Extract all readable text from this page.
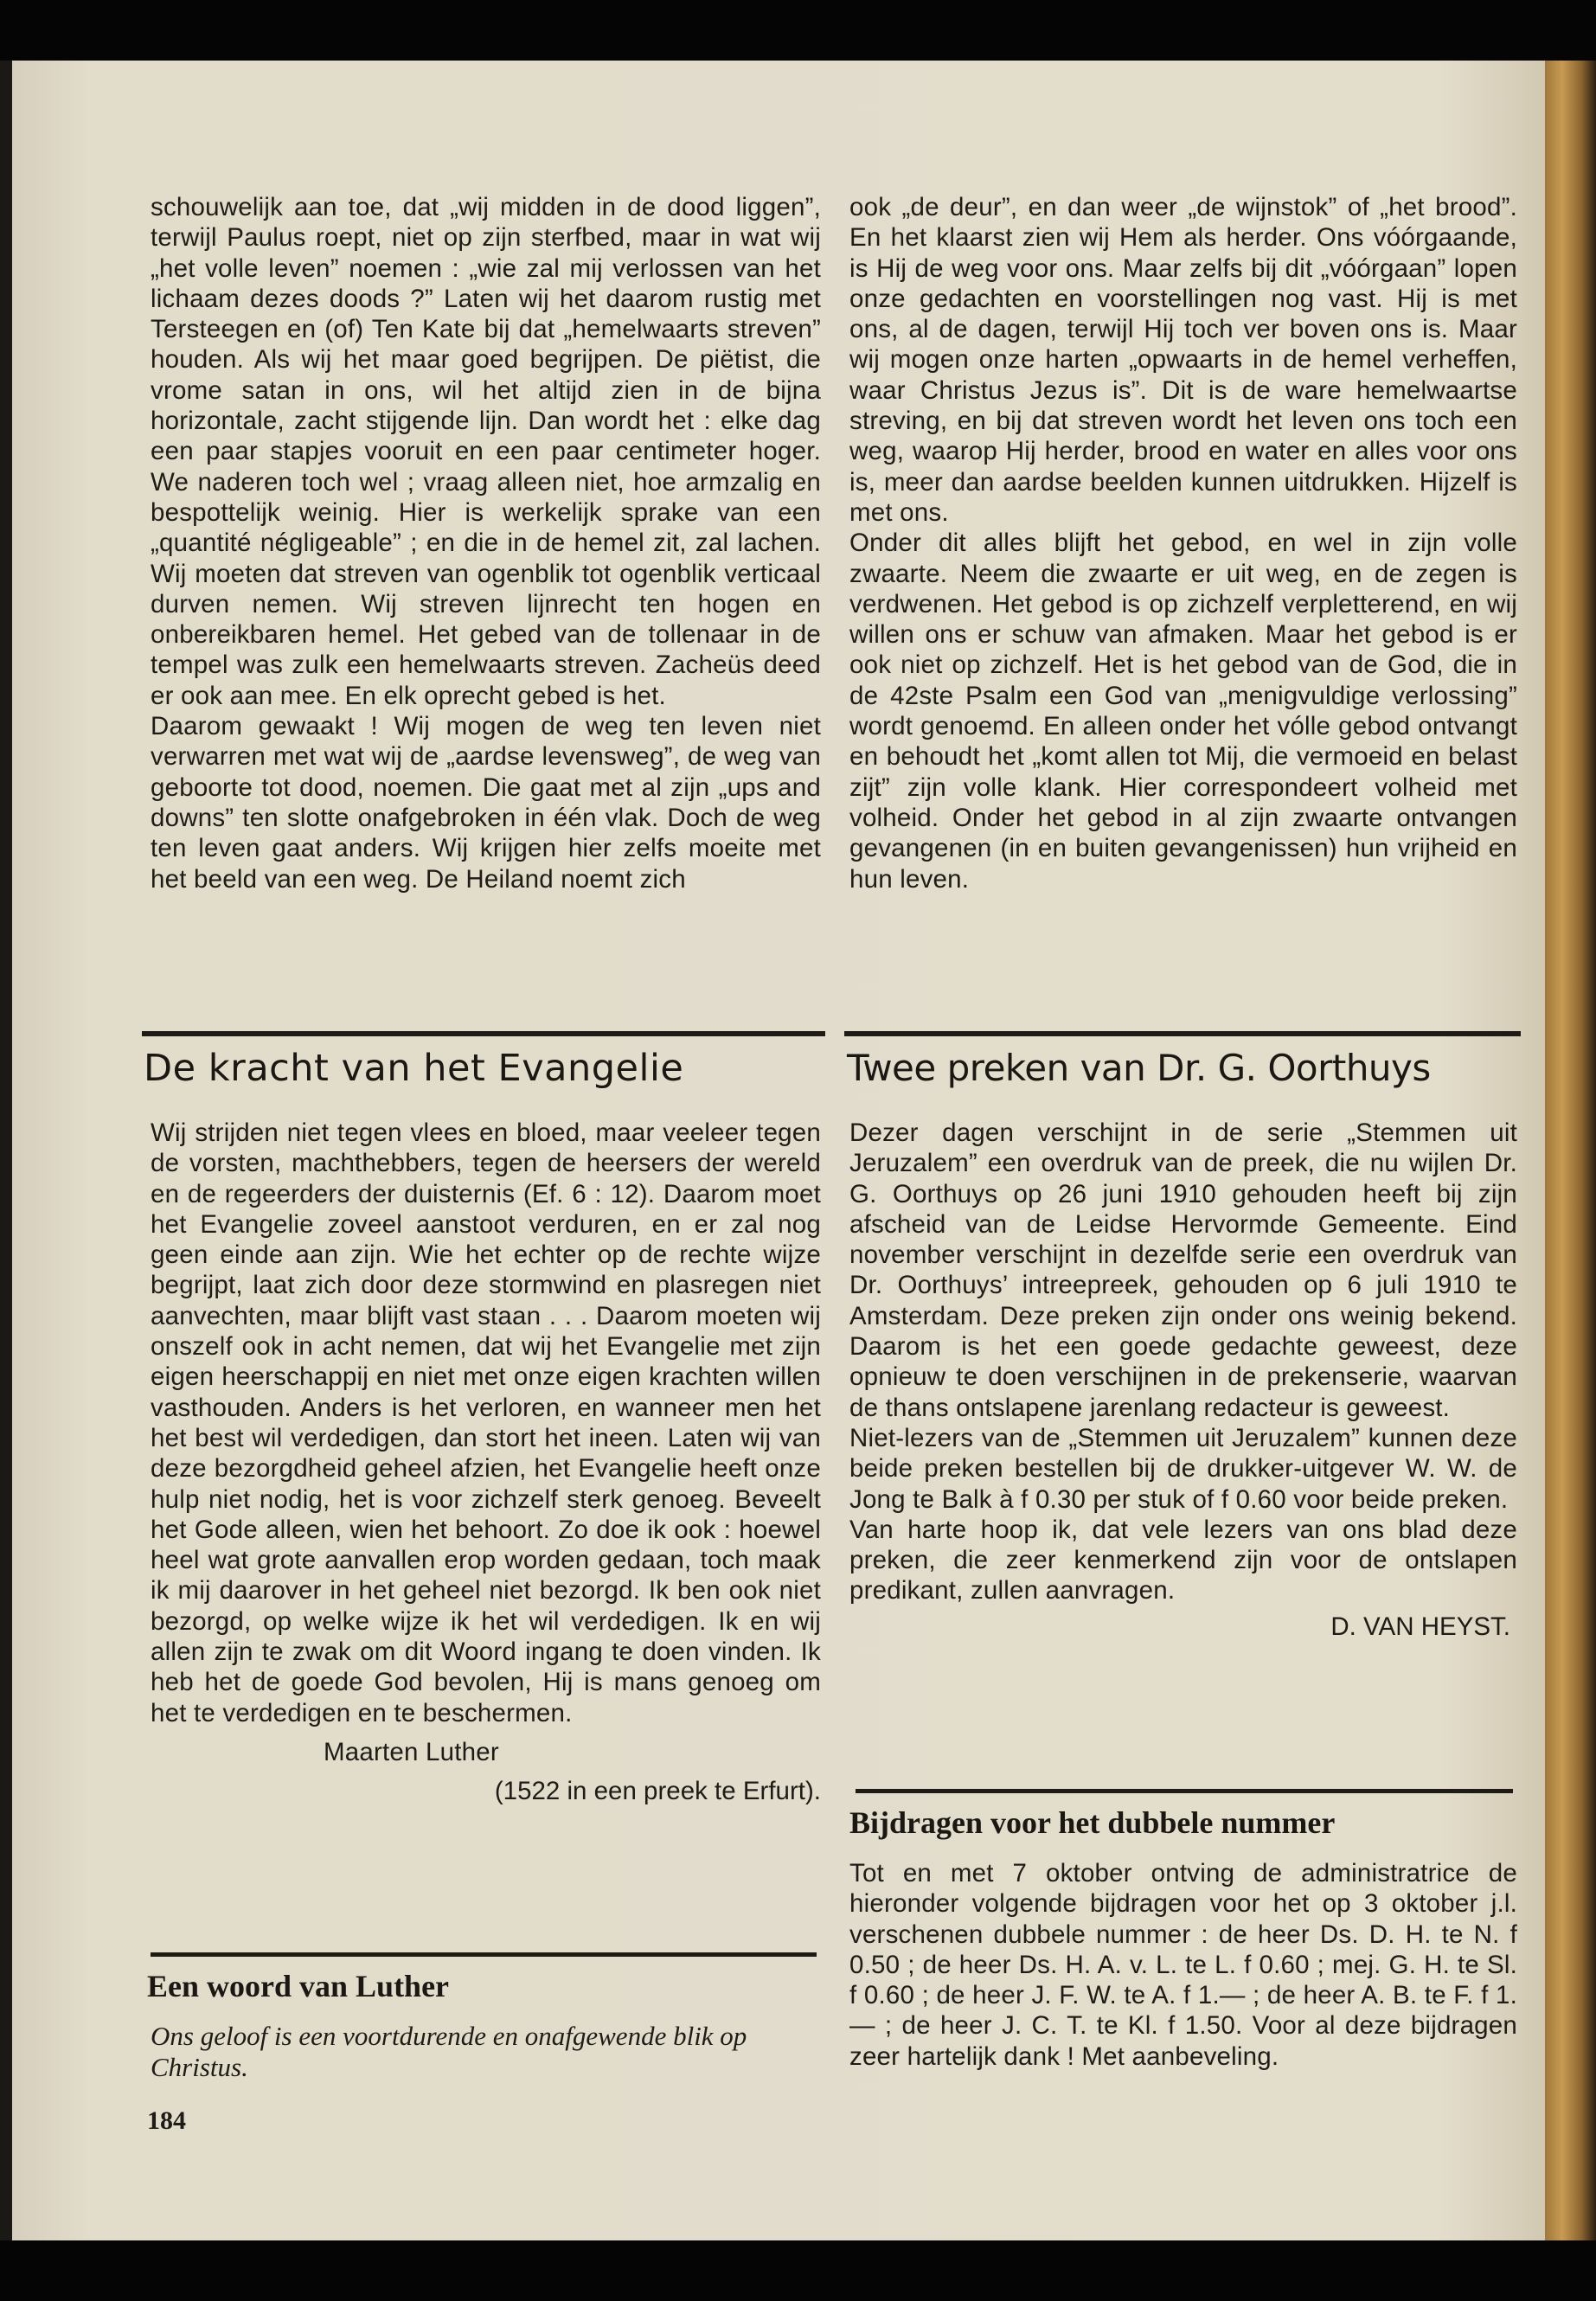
schouwelijk aan toe, dat „wij midden in de dood liggen”, terwijl Paulus roept, niet op zijn sterfbed, maar in wat wij „het volle leven” noemen : „wie zal mij verlossen van het lichaam dezes doods ?” Laten wij het daarom rustig met Tersteegen en (of) Ten Kate bij dat „hemelwaarts streven” houden. Als wij het maar goed begrijpen. De piëtist, die vrome satan in ons, wil het altijd zien in de bijna horizontale, zacht stijgende lijn. Dan wordt het : elke dag een paar stapjes vooruit en een paar centimeter hoger. We naderen toch wel ; vraag alleen niet, hoe armzalig en bespottelijk weinig. Hier is werkelijk sprake van een „quantité négligeable” ; en die in de hemel zit, zal lachen. Wij moeten dat streven van ogenblik tot ogenblik verticaal durven nemen. Wij streven lijnrecht ten hogen en onbereikbaren hemel. Het gebed van de tollenaar in de tempel was zulk een hemelwaarts streven. Zacheüs deed er ook aan mee. En elk oprecht gebed is het.

Daarom gewaakt ! Wij mogen de weg ten leven niet verwarren met wat wij de „aardse levensweg”, de weg van geboorte tot dood, noemen. Die gaat met al zijn „ups and downs” ten slotte onafgebroken in één vlak. Doch de weg ten leven gaat anders. Wij krijgen hier zelfs moeite met het beeld van een weg. De Heiland noemt zich

ook „de deur”, en dan weer „de wijnstok” of „het brood”. En het klaarst zien wij Hem als herder. Ons vóórgaande, is Hij de weg voor ons. Maar zelfs bij dit „vóórgaan” lopen onze gedachten en voorstellingen nog vast. Hij is met ons, al de dagen, terwijl Hij toch ver boven ons is. Maar wij mogen onze harten „opwaarts in de hemel verheffen, waar Christus Jezus is”. Dit is de ware hemelwaartse streving, en bij dat streven wordt het leven ons toch een weg, waarop Hij herder, brood en water en alles voor ons is, meer dan aardse beelden kunnen uitdrukken. Hijzelf is met ons.

Onder dit alles blijft het gebod, en wel in zijn volle zwaarte. Neem die zwaarte er uit weg, en de zegen is verdwenen. Het gebod is op zichzelf verpletterend, en wij willen ons er schuw van afmaken. Maar het gebod is er ook niet op zichzelf. Het is het gebod van de God, die in de 42ste Psalm een God van „menigvuldige verlossing” wordt genoemd. En alleen onder het vólle gebod ontvangt en behoudt het „komt allen tot Mij, die vermoeid en belast zijt” zijn volle klank. Hier correspondeert volheid met volheid. Onder het gebod in al zijn zwaarte ontvangen gevangenen (in en buiten gevangenissen) hun vrijheid en hun leven.

De kracht van het Evangelie

Wij strijden niet tegen vlees en bloed, maar veeleer tegen de vorsten, machthebbers, tegen de heersers der wereld en de regeerders der duisternis (Ef. 6 : 12). Daarom moet het Evangelie zoveel aanstoot verduren, en er zal nog geen einde aan zijn. Wie het echter op de rechte wijze begrijpt, laat zich door deze stormwind en plasregen niet aanvechten, maar blijft vast staan . . . Daarom moeten wij onszelf ook in acht nemen, dat wij het Evangelie met zijn eigen heerschappij en niet met onze eigen krachten willen vasthouden. Anders is het verloren, en wanneer men het het best wil verdedigen, dan stort het ineen. Laten wij van deze bezorgdheid geheel afzien, het Evangelie heeft onze hulp niet nodig, het is voor zichzelf sterk genoeg. Beveelt het Gode alleen, wien het behoort. Zo doe ik ook : hoewel heel wat grote aanvallen erop worden gedaan, toch maak ik mij daarover in het geheel niet bezorgd. Ik ben ook niet bezorgd, op welke wijze ik het wil verdedigen. Ik en wij allen zijn te zwak om dit Woord ingang te doen vinden. Ik heb het de goede God bevolen, Hij is mans genoeg om het te verdedigen en te beschermen.

Maarten Luther

(1522 in een preek te Erfurt).

Een woord van Luther

Ons geloof is een voortdurende en onafgewende blik op Christus.

184
Twee preken van Dr. G. Oorthuys

Dezer dagen verschijnt in de serie „Stemmen uit Jeruzalem” een overdruk van de preek, die nu wijlen Dr. G. Oorthuys op 26 juni 1910 gehouden heeft bij zijn afscheid van de Leidse Hervormde Gemeente. Eind november verschijnt in dezelfde serie een overdruk van Dr. Oorthuys’ intreepreek, gehouden op 6 juli 1910 te Amsterdam. Deze preken zijn onder ons weinig bekend. Daarom is het een goede gedachte geweest, deze opnieuw te doen verschijnen in de prekenserie, waarvan de thans ontslapene jarenlang redacteur is geweest.

Niet-lezers van de „Stemmen uit Jeruzalem” kunnen deze beide preken bestellen bij de drukker-uitgever W. W. de Jong te Balk à f 0.30 per stuk of f 0.60 voor beide preken.

Van harte hoop ik, dat vele lezers van ons blad deze preken, die zeer kenmerkend zijn voor de ontslapen predikant, zullen aanvragen.

D. VAN HEYST.

Bijdragen voor het dubbele nummer

Tot en met 7 oktober ontving de administratrice de hieronder volgende bijdragen voor het op 3 oktober j.l. verschenen dubbele nummer : de heer Ds. D. H. te N. f 0.50 ; de heer Ds. H. A. v. L. te L. f 0.60 ; mej. G. H. te Sl. f 0.60 ; de heer J. F. W. te A. f 1.— ; de heer A. B. te F. f 1.— ; de heer J. C. T. te Kl. f 1.50. Voor al deze bijdragen zeer hartelijk dank ! Met aanbeveling.
